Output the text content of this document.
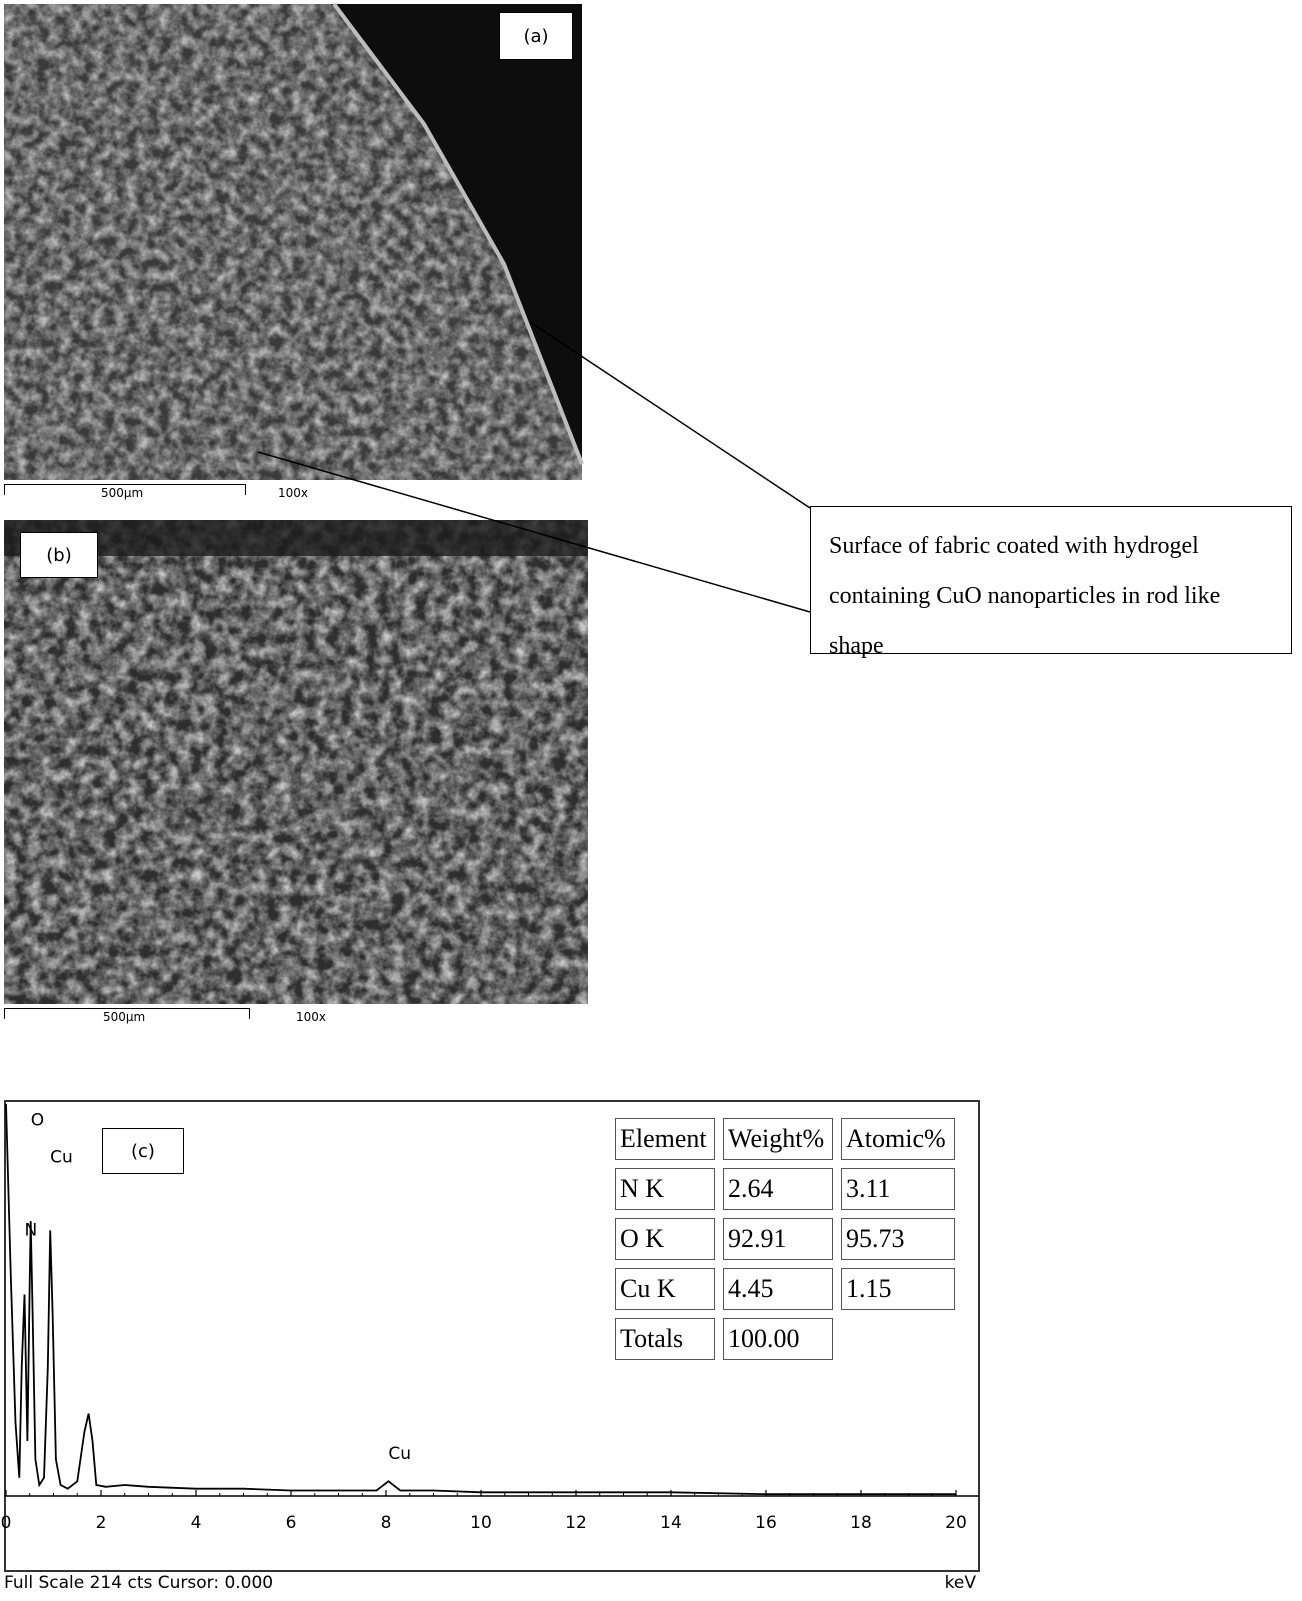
(a)
500µm	100x
(b)
500µm	100x
Surface of fabric coated with hydrogel containing CuO nanoparticles in rod like shape
0	2	4	6	8	10	12	14	16	18	20
O
Cu
N
Cu
Full Scale 214 cts Cursor: 0.000	keV
(c)	Element	Weight%	Atomic%
N K	2.64	3.11
O K	92.91	95.73
Cu K	4.45	1.15
Totals	100.00	
